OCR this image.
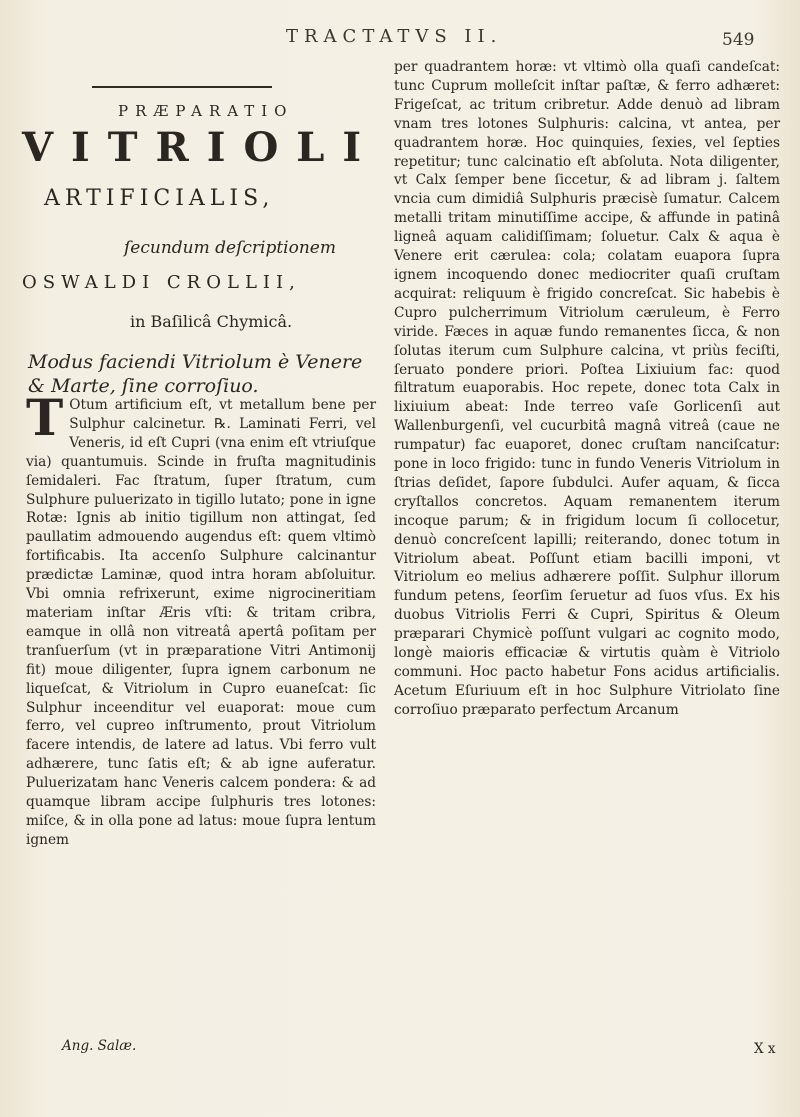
TRACTATVS II.	549
PRÆPARATIO
VITRIOLI
ARTIFICIALIS,
ſecundum deſcriptionem
OSWALDI CROLLII,
in Baſilicâ Chymicâ.
Modus faciendi Vitriolum è Venere & Marte, ſine corroſiuo.

T Otum artificium eſt, vt metallum bene per Sulphur calcinetur. ℞. Laminati Ferri, vel Veneris, id eſt Cupri (vna enim eſt vtriuſque via) quantumuis. Scinde in fruſta magnitudinis ſemidaleri. Fac ſtratum, ſuper ſtratum, cum Sulphure puluerizato in tigillo lutato; pone in igne Rotæ: Ignis ab initio tigillum non attingat, ſed paullatim admouendo augendus eſt: quem vltimò fortificabis. Ita accenſo Sulphure calcinantur prædictæ Laminæ, quod intra horam abſoluitur. Vbi omnia refrixerunt, exime nigrocineritiam materiam inſtar Æris vſti: & tritam cribra, eamque in ollâ non vitreatâ apertâ poſitam per tranſuerſum (vt in præparatione Vitri Antimonij fit) moue diligenter, ſupra ignem carbonum ne liqueſcat, & Vitriolum in Cupro euaneſcat: ſic Sulphur inceenditur vel euaporat: moue cum ferro, vel cupreo inſtrumento, prout Vitriolum facere intendis, de latere ad latus. Vbi ferro vult adhærere, tunc ſatis eſt; & ab igne auferatur. Puluerizatam hanc Veneris calcem pondera: & ad quamque libram accipe ſulphuris tres lotones: miſce, & in olla pone ad latus: moue ſupra lentum ignem

Ang. Salæ.

per quadrantem horæ: vt vltimò olla quaſi candeſcat: tunc Cuprum molleſcit inſtar paſtæ, & ferro adhæret: Frigeſcat, ac tritum cribretur. Adde denuò ad libram vnam tres lotones Sulphuris: calcina, vt antea, per quadrantem horæ. Hoc quinquies, ſexies, vel ſepties repetitur; tunc calcinatio eſt abſoluta. Nota diligenter, vt Calx ſemper bene ſiccetur, & ad libram j. ſaltem vncia cum dimidiâ Sulphuris præcisè ſumatur. Calcem metalli tritam minutiſſime accipe, & affunde in patinâ ligneâ aquam calidiſſimam; ſoluetur. Calx & aqua è Venere erit cærulea: cola; colatam euapora ſupra ignem incoquendo donec mediocriter quaſi cruſtam acquirat: reliquum è frigido concreſcat. Sic habebis è Cupro pulcherrimum Vitriolum cæruleum, è Ferro viride. Fæces in aquæ fundo remanentes ſicca, & non ſolutas iterum cum Sulphure calcina, vt priùs feciſti, ſeruato pondere priori. Poſtea Lixiuium fac: quod filtratum euaporabis. Hoc repete, donec tota Calx in lixiuium abeat: Inde terreo vaſe Gorlicenſi aut Wallenburgenſi, vel cucurbitâ magnâ vitreâ (caue ne rumpatur) fac euaporet, donec cruſtam nanciſcatur: pone in loco frigido: tunc in fundo Veneris Vitriolum in ſtrias deſidet, ſapore ſubdulci. Aufer aquam, & ſicca cryſtallos concretos. Aquam remanentem iterum incoque parum; & in frigidum locum ſi collocetur, denuò concreſcent lapilli; reiterando, donec totum in Vitriolum abeat. Poſſunt etiam bacilli imponi, vt Vitriolum eo melius adhærere poſſit. Sulphur illorum fundum petens, ſeorſim ſeruetur ad ſuos vſus. Ex his duobus Vitriolis Ferri & Cupri, Spiritus & Oleum præparari Chymicè poſſunt vulgari ac cognito modo, longè maioris efficaciæ & virtutis quàm è Vitriolo communi. Hoc pacto habetur Fons acidus artificialis. Acetum Eſuriuum eſt in hoc Sulphure Vitriolato ſine corroſiuo præparato perfectum Arcanum

X x
